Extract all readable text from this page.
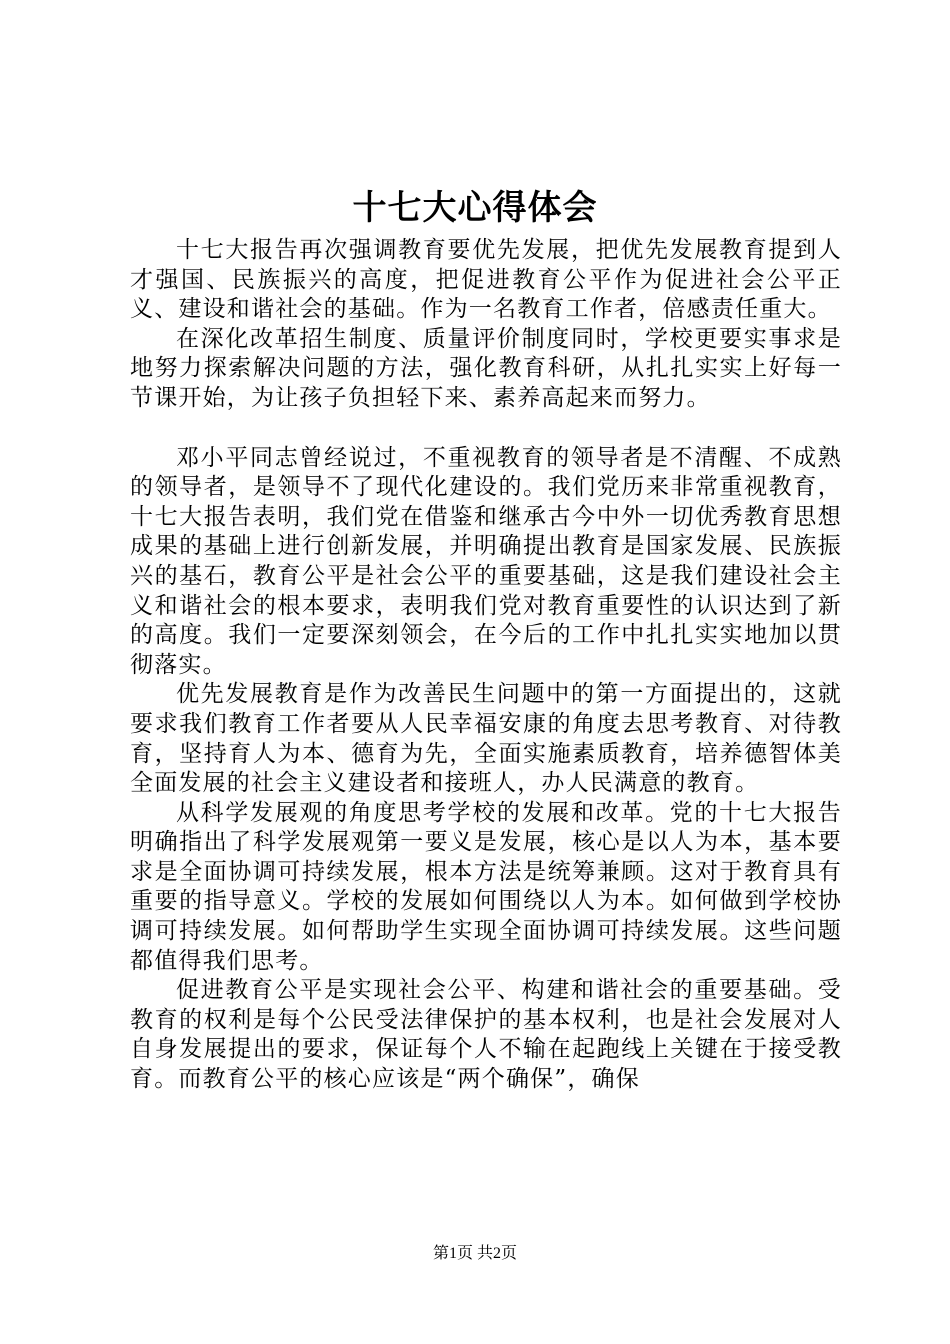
十七大心得体会

十七大报告再次强调教育要优先发展，把优先发展教育提到人才强国、民族振兴的高度，把促进教育公平作为促进社会公平正义、建设和谐社会的基础。作为一名教育工作者，倍感责任重大。

在深化改革招生制度、质量评价制度同时，学校更要实事求是地努力探索解决问题的方法，强化教育科研，从扎扎实实上好每一节课开始，为让孩子负担轻下来、素养高起来而努力。

邓小平同志曾经说过，不重视教育的领导者是不清醒、不成熟的领导者，是领导不了现代化建设的。我们党历来非常重视教育，十七大报告表明，我们党在借鉴和继承古今中外一切优秀教育思想成果的基础上进行创新发展，并明确提出教育是国家发展、民族振兴的基石，教育公平是社会公平的重要基础，这是我们建设社会主义和谐社会的根本要求，表明我们党对教育重要性的认识达到了新的高度。我们一定要深刻领会，在今后的工作中扎扎实实地加以贯彻落实。

优先发展教育是作为改善民生问题中的第一方面提出的，这就要求我们教育工作者要从人民幸福安康的角度去思考教育、对待教育，坚持育人为本、德育为先，全面实施素质教育，培养德智体美全面发展的社会主义建设者和接班人，办人民满意的教育。

从科学发展观的角度思考学校的发展和改革。党的十七大报告明确指出了科学发展观第一要义是发展，核心是以人为本，基本要求是全面协调可持续发展，根本方法是统筹兼顾。这对于教育具有重要的指导意义。学校的发展如何围绕以人为本。如何做到学校协调可持续发展。如何帮助学生实现全面协调可持续发展。这些问题都值得我们思考。

促进教育公平是实现社会公平、构建和谐社会的重要基础。受教育的权利是每个公民受法律保护的基本权利，也是社会发展对人自身发展提出的要求，保证每个人不输在起跑线上关键在于接受教育。而教育公平的核心应该是“两个确保”，确保

第1页 共2页
